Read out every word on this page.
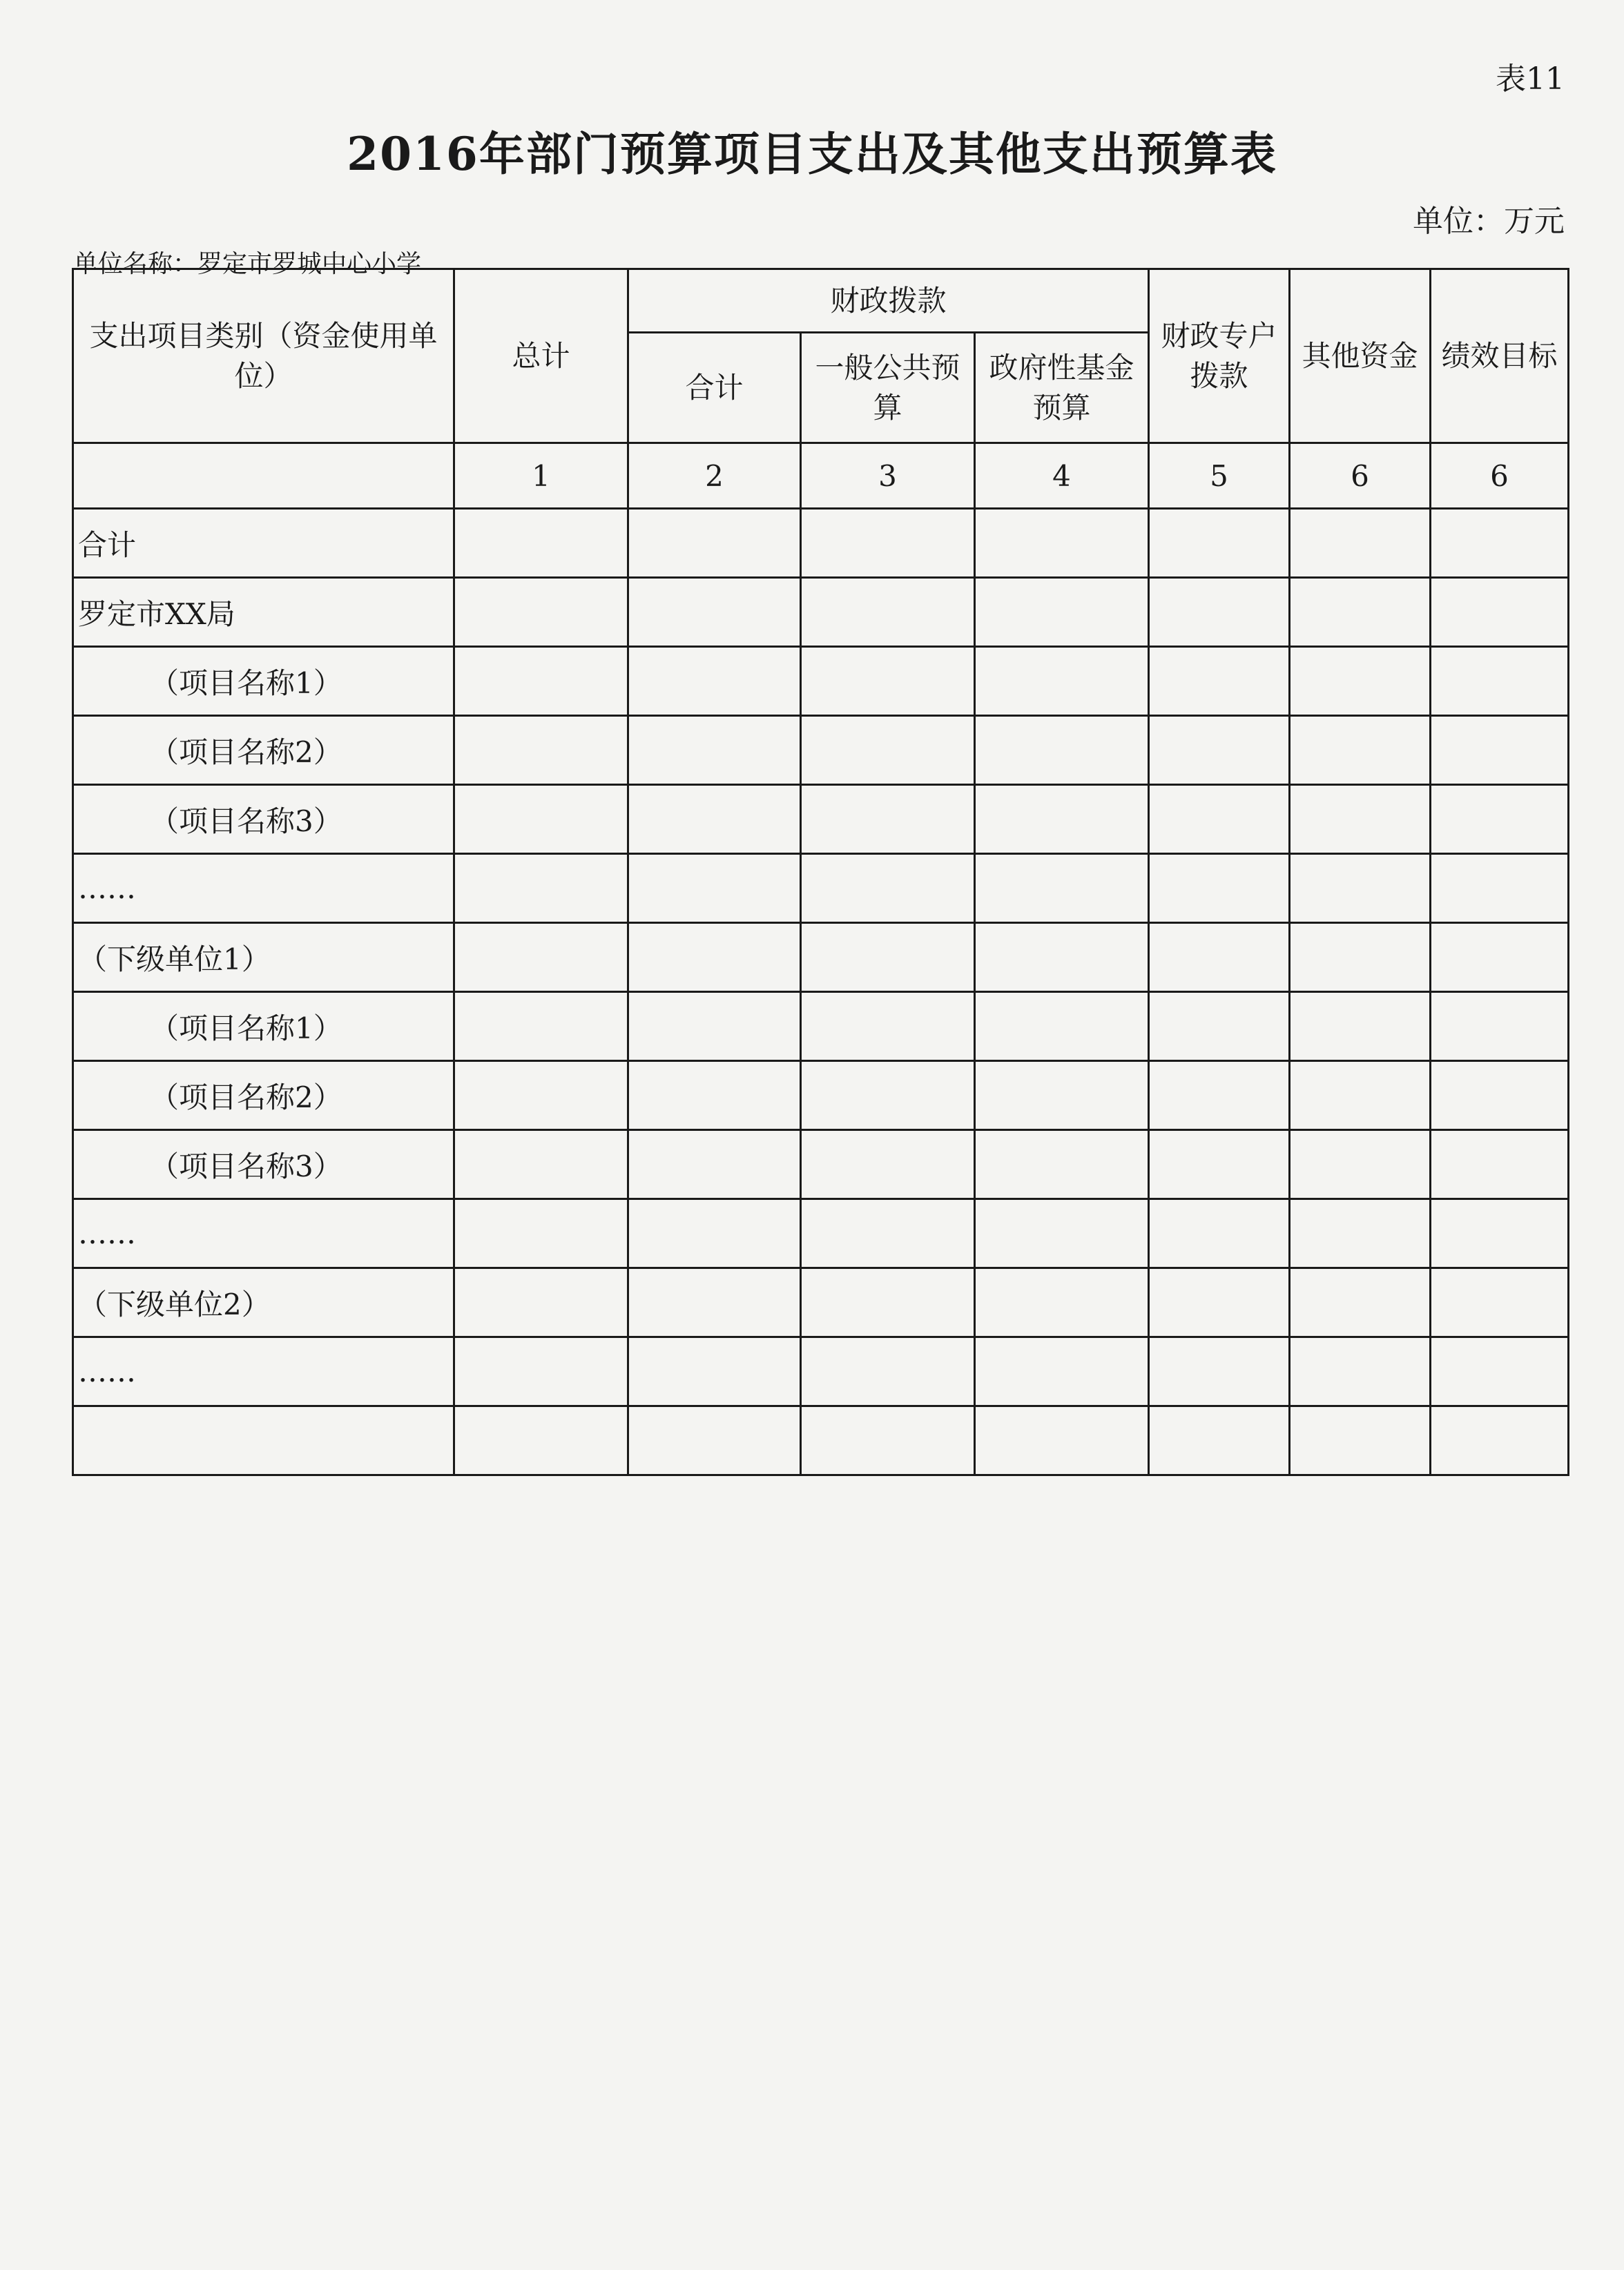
表11
2016年部门预算项目支出及其他支出预算表
单位：万元
单位名称：罗定市罗城中心小学
支出项目类别（资金使用单位）	总计	财政拨款			财政专户拨款	其他资金	绩效目标
		合计	一般公共预算	政府性基金预算			
	1	2	3	4	5	6	6
合计							
罗定市XX局							
（项目名称1）							
（项目名称2）							
（项目名称3）							
……							
（下级单位1）							
（项目名称1）							
（项目名称2）							
（项目名称3）							
……							
（下级单位2）							
……							
